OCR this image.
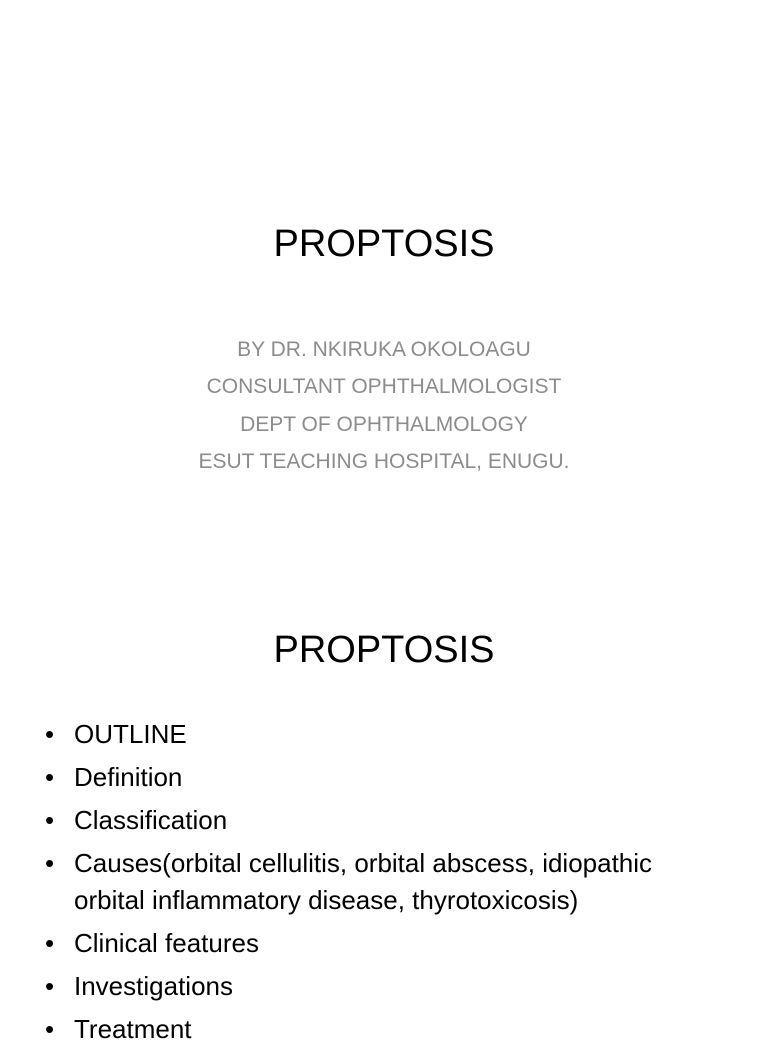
PROPTOSIS
BY DR. NKIRUKA OKOLOAGU
CONSULTANT OPHTHALMOLOGIST
DEPT OF OPHTHALMOLOGY
ESUT TEACHING HOSPITAL, ENUGU.
PROPTOSIS
• OUTLINE
• Definition
• Classification
• Causes(orbital cellulitis, orbital abscess, idiopathic orbital inflammatory disease, thyrotoxicosis)
• Clinical features
• Investigations
• Treatment
